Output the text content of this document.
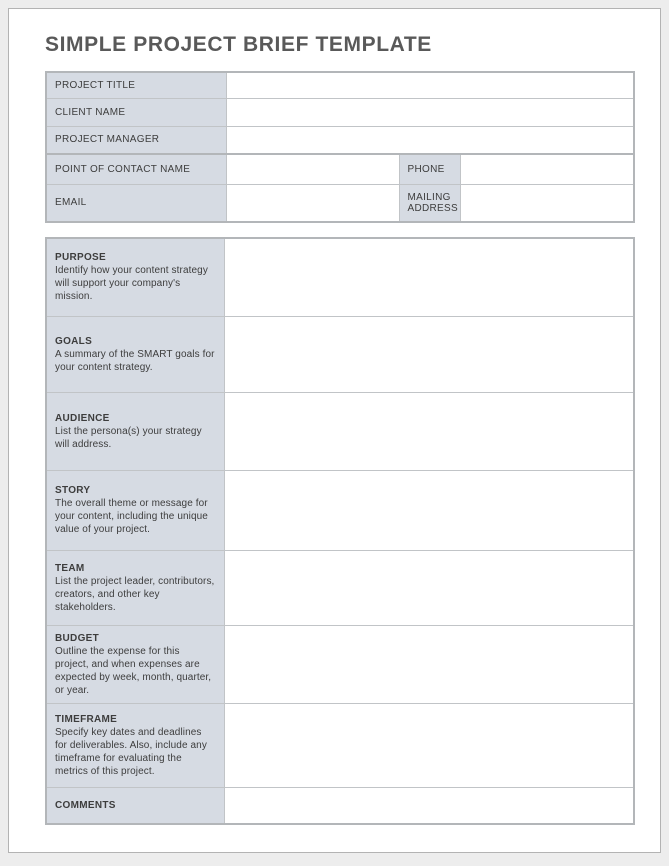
SIMPLE PROJECT BRIEF TEMPLATE
PROJECT TITLE			
CLIENT NAME			
PROJECT MANAGER			
POINT OF CONTACT NAME		PHONE	
EMAIL		MAILING ADDRESS	
PURPOSE
Identify how your content strategy will support your company's mission.	

GOALS
A summary of the SMART goals for your content strategy.	

AUDIENCE
List the persona(s) your strategy will address.	

STORY
The overall theme or message for your content, including the unique value of your project.	

TEAM
List the project leader, contributors, creators, and other key stakeholders.	

BUDGET
Outline the expense for this project, and when expenses are expected by week, month, quarter, or year.	

TIMEFRAME
Specify key dates and deadlines for deliverables. Also, include any timeframe for evaluating the metrics of this project.	

COMMENTS	
